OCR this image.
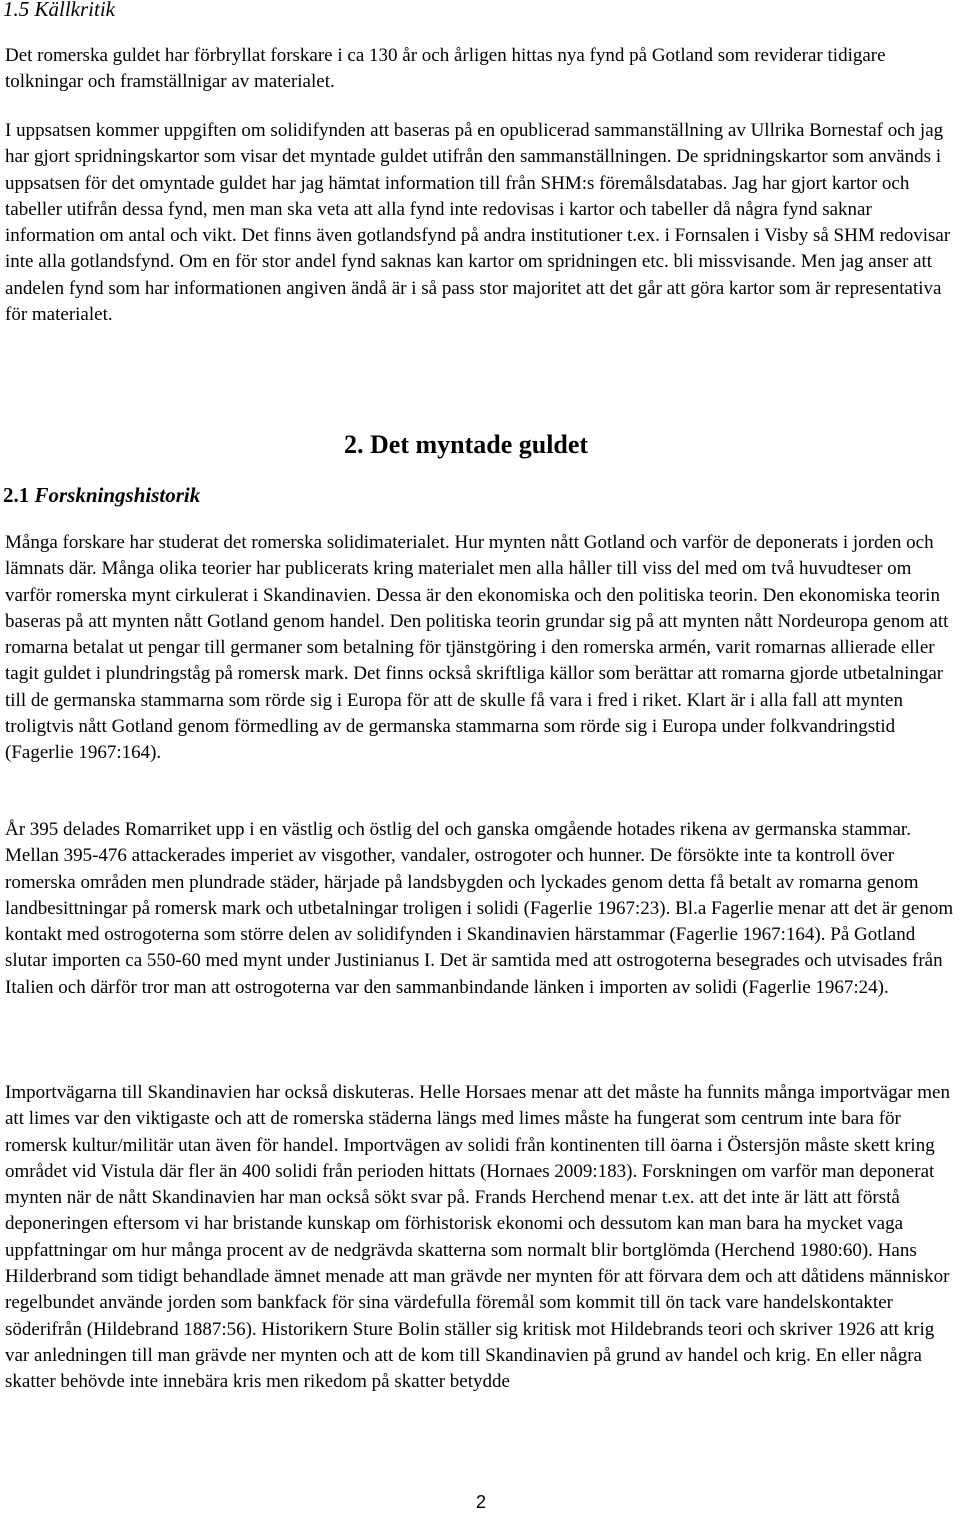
1.5 Källkritik

Det romerska guldet har förbryllat forskare i ca 130 år och årligen hittas nya fynd på Gotland som reviderar tidigare tolkningar och framställnigar av materialet.

I uppsatsen kommer uppgiften om solidifynden att baseras på en opublicerad sammanställning av Ullrika Bornestaf och jag har gjort spridningskartor som visar det myntade guldet utifrån den sammanställningen. De spridningskartor som används i uppsatsen för det omyntade guldet har jag hämtat information till från SHM:s föremålsdatabas. Jag har gjort kartor och tabeller utifrån dessa fynd, men man ska veta att alla fynd inte redovisas i kartor och tabeller då några fynd saknar information om antal och vikt. Det finns även gotlandsfynd på andra institutioner t.ex. i Fornsalen i Visby så SHM redovisar inte alla gotlandsfynd. Om en för stor andel fynd saknas kan kartor om spridningen etc. bli missvisande. Men jag anser att andelen fynd som har informationen angiven ändå är i så pass stor majoritet att det går att göra kartor som är representativa för materialet.

2. Det myntade guldet
2.1 Forskningshistorik

Många forskare har studerat det romerska solidimaterialet. Hur mynten nått Gotland och varför de deponerats i jorden och lämnats där. Många olika teorier har publicerats kring materialet men alla håller till viss del med om två huvudteser om varför romerska mynt cirkulerat i Skandinavien. Dessa är den ekonomiska och den politiska teorin. Den ekonomiska teorin baseras på att mynten nått Gotland genom handel. Den politiska teorin grundar sig på att mynten nått Nordeuropa genom att romarna betalat ut pengar till germaner som betalning för tjänstgöring i den romerska armén, varit romarnas allierade eller tagit guldet i plundringståg på romersk mark. Det finns också skriftliga källor som berättar att romarna gjorde utbetalningar till de germanska stammarna som rörde sig i Europa för att de skulle få vara i fred i riket. Klart är i alla fall att mynten troligtvis nått Gotland genom förmedling av de germanska stammarna som rörde sig i Europa under folkvandringstid (Fagerlie 1967:164).

År 395 delades Romarriket upp i en västlig och östlig del och ganska omgående hotades rikena av germanska stammar. Mellan 395-476 attackerades imperiet av visgother, vandaler, ostrogoter och hunner. De försökte inte ta kontroll över romerska områden men plundrade städer, härjade på landsbygden och lyckades genom detta få betalt av romarna genom landbesittningar på romersk mark och utbetalningar troligen i solidi (Fagerlie 1967:23). Bl.a Fagerlie menar att det är genom kontakt med ostrogoterna som större delen av solidifynden i Skandinavien härstammar (Fagerlie 1967:164). På Gotland slutar importen ca 550-60 med mynt under Justinianus I. Det är samtida med att ostrogoterna besegrades och utvisades från Italien och därför tror man att ostrogoterna var den sammanbindande länken i importen av solidi (Fagerlie 1967:24).

Importvägarna till Skandinavien har också diskuteras. Helle Horsaes menar att det måste ha funnits många importvägar men att limes var den viktigaste och att de romerska städerna längs med limes måste ha fungerat som centrum inte bara för romersk kultur/militär utan även för handel. Importvägen av solidi från kontinenten till öarna i Östersjön måste skett kring området vid Vistula där fler än 400 solidi från perioden hittats (Hornaes 2009:183). Forskningen om varför man deponerat mynten när de nått Skandinavien har man också sökt svar på. Frands Herchend menar t.ex. att det inte är lätt att förstå deponeringen eftersom vi har bristande kunskap om förhistorisk ekonomi och dessutom kan man bara ha mycket vaga uppfattningar om hur många procent av de nedgrävda skatterna som normalt blir bortglömda (Herchend 1980:60). Hans Hilderbrand som tidigt behandlade ämnet menade att man grävde ner mynten för att förvara dem och att dåtidens människor regelbundet använde jorden som bankfack för sina värdefulla föremål som kommit till ön tack vare handelskontakter söderifrån (Hildebrand 1887:56). Historikern Sture Bolin ställer sig kritisk mot Hildebrands teori och skriver 1926 att krig var anledningen till man grävde ner mynten och att de kom till Skandinavien på grund av handel och krig. En eller några skatter behövde inte innebära kris men rikedom på skatter betydde

2
